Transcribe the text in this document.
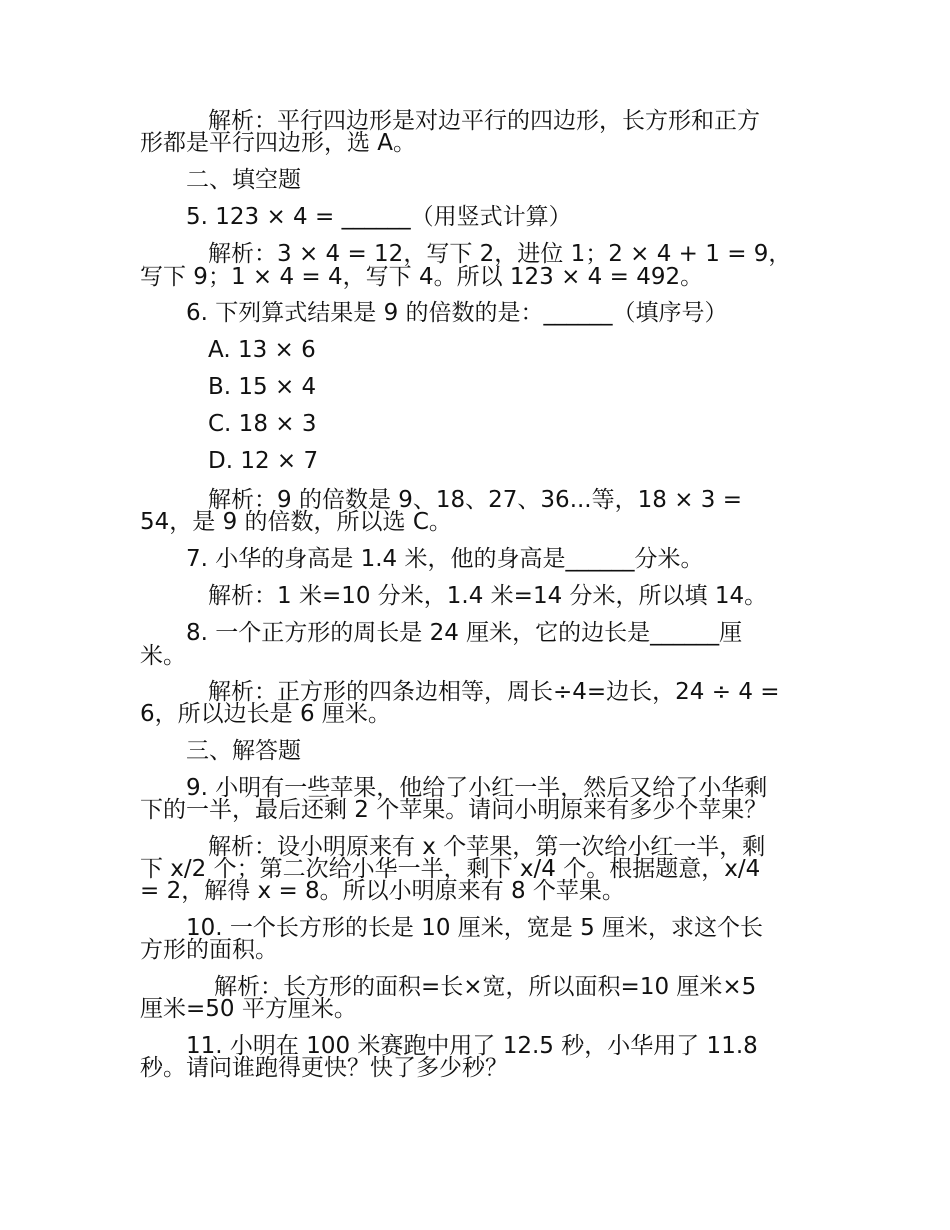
解析：平行四边形是对边平行的四边形，长方形和正方
形都是平行四边形，选 A。
二、填空题
5. 123 × 4 = ______（用竖式计算）
解析：3 × 4 = 12，写下 2，进位 1；2 × 4 + 1 = 9，
写下 9；1 × 4 = 4，写下 4。所以 123 × 4 = 492。
6. 下列算式结果是 9 的倍数的是：______（填序号）
A. 13 × 6
B. 15 × 4
C. 18 × 3
D. 12 × 7
解析：9 的倍数是 9、18、27、36...等，18 × 3 =
54，是 9 的倍数，所以选 C。
7. 小华的身高是 1.4 米，他的身高是______分米。
解析：1 米=10 分米，1.4 米=14 分米，所以填 14。
8. 一个正方形的周长是 24 厘米，它的边长是______厘
米。
解析：正方形的四条边相等，周长÷4=边长，24 ÷ 4 =
6，所以边长是 6 厘米。
三、解答题
9. 小明有一些苹果，他给了小红一半，然后又给了小华剩
下的一半，最后还剩 2 个苹果。请问小明原来有多少个苹果？
解析：设小明原来有 x 个苹果，第一次给小红一半，剩
下 x/2 个；第二次给小华一半，剩下 x/4 个。根据题意，x/4
= 2，解得 x = 8。所以小明原来有 8 个苹果。
10. 一个长方形的长是 10 厘米，宽是 5 厘米，求这个长
方形的面积。
解析：长方形的面积=长×宽，所以面积=10 厘米×5
厘米=50 平方厘米。
11. 小明在 100 米赛跑中用了 12.5 秒，小华用了 11.8
秒。请问谁跑得更快？快了多少秒？
